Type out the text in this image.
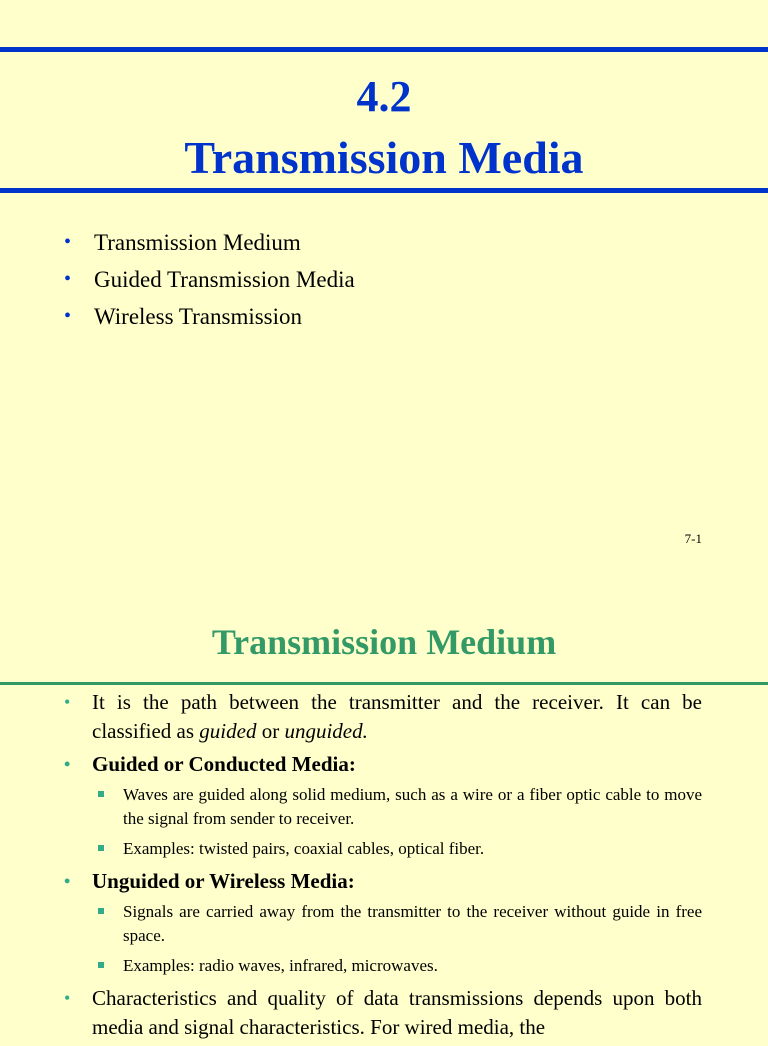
4.2
Transmission Media
• Transmission Medium
• Guided Transmission Media
• Wireless Transmission
7-1
Transmission Medium
• It is the path between the transmitter and the receiver. It can be classified as guided or unguided.
• Guided or Conducted Media:
Waves are guided along solid medium, such as a wire or a fiber optic cable to move the signal from sender to receiver.
Examples: twisted pairs, coaxial cables, optical fiber.
• Unguided or Wireless Media:
Signals are carried away from the transmitter to the receiver without guide in free space.
Examples: radio waves, infrared, microwaves.
• Characteristics and quality of data transmissions depends upon both media and signal characteristics. For wired media, the
